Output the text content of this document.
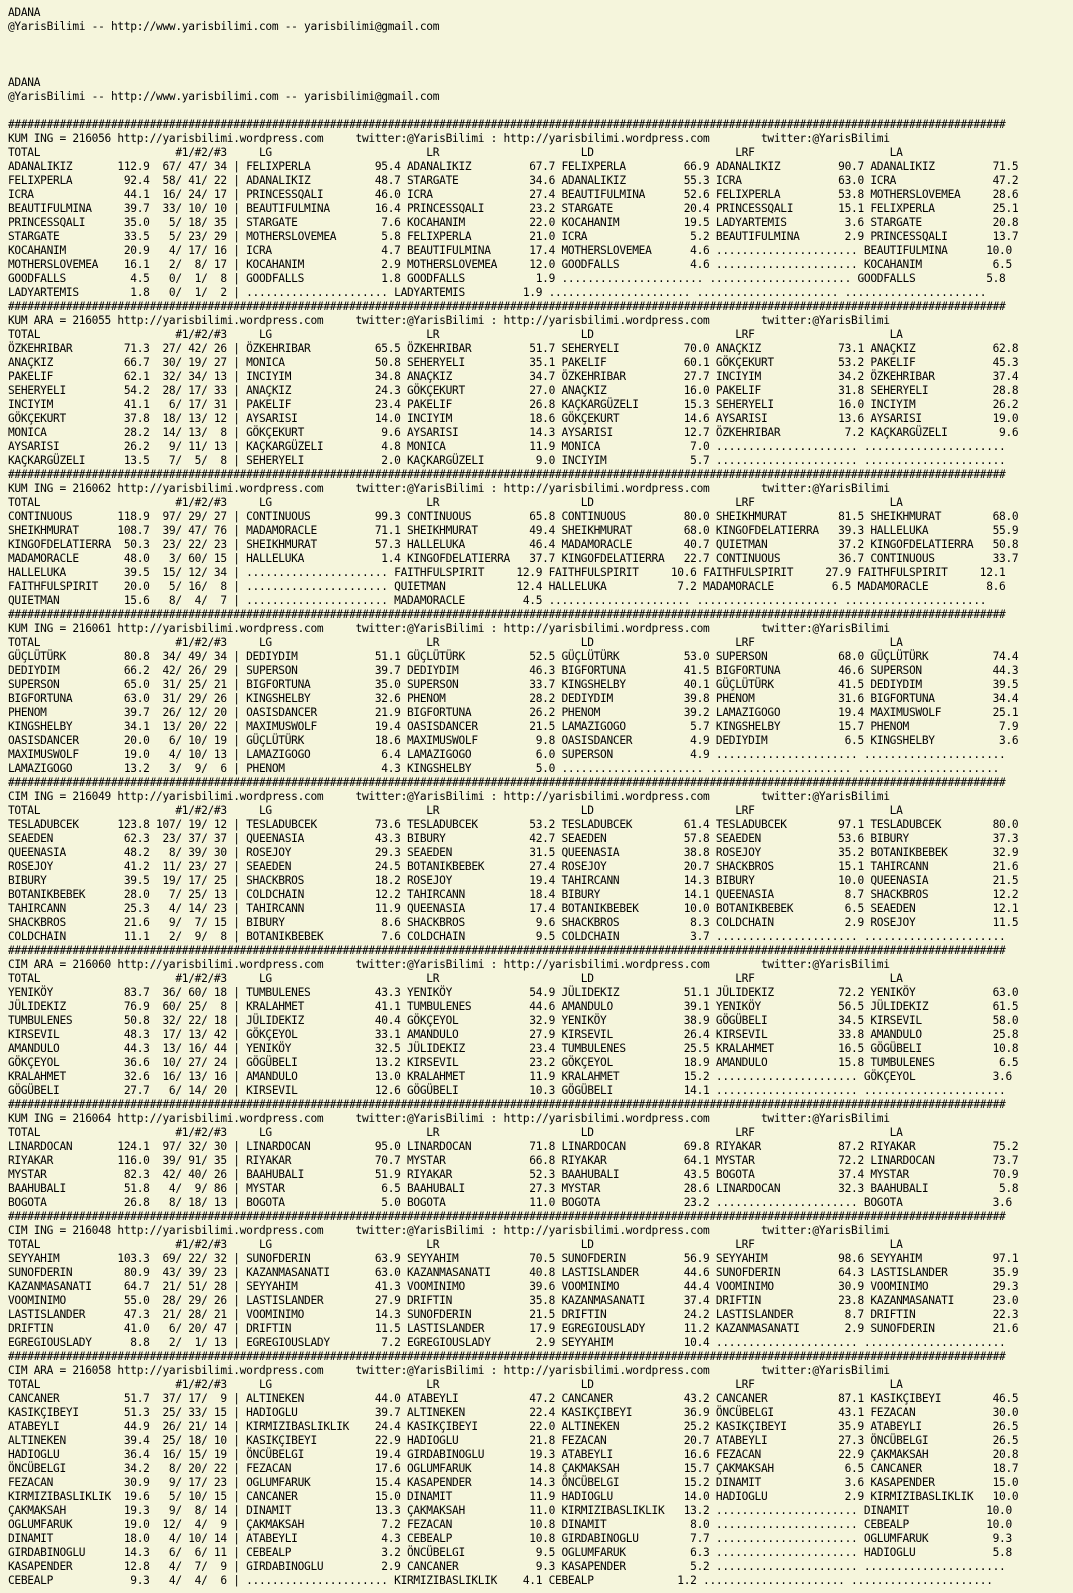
ADANA
@YarisBilimi -- http://www.yarisbilimi.com -- yarisbilimi@gmail.com
ADANA
@YarisBilimi -- http://www.yarisbilimi.com -- yarisbilimi@gmail.com
###########################################################################################################################################################
KUM ING = 216056 http://yarisbilimi.wordpress.com     twitter:@YarisBilimi : http://yarisbilimi.wordpress.com        twitter:@YarisBilimi
TOTAL                     #1/#2/#3     LG                        LR                      LD                      LRF                     LA
ADANALIKIZ       112.9  67/ 47/ 34 | FELIXPERLA          95.4 ADANALIKIZ         67.7 FELIXPERLA         66.9 ADANALIKIZ         90.7 ADANALIKIZ         71.5
FELIXPERLA        92.4  58/ 41/ 22 | ADANALIKIZ          48.7 STARGATE           34.6 ADANALIKIZ         55.3 ICRA               63.0 ICRA               47.2
ICRA              44.1  16/ 24/ 17 | PRINCESSQALI        46.0 ICRA               27.4 BEAUTIFULMINA      52.6 FELIXPERLA         53.8 MOTHERSLOVEMEA     28.6
BEAUTIFULMINA     39.7  33/ 10/ 10 | BEAUTIFULMINA       16.4 PRINCESSQALI       23.2 STARGATE           20.4 PRINCESSQALI       15.1 FELIXPERLA         25.1
PRINCESSQALI      35.0   5/ 18/ 35 | STARGATE             7.6 KOCAHANIM          22.0 KOCAHANIM          19.5 LADYARTEMIS         3.6 STARGATE           20.8
STARGATE          33.5   5/ 23/ 29 | MOTHERSLOVEMEA       5.8 FELIXPERLA         21.0 ICRA                5.2 BEAUTIFULMINA       2.9 PRINCESSQALI       13.7
KOCAHANIM         20.9   4/ 17/ 16 | ICRA                 4.7 BEAUTIFULMINA      17.4 MOTHERSLOVEMEA      4.6 ...................... BEAUTIFULMINA      10.0
MOTHERSLOVEMEA    16.1   2/  8/ 17 | KOCAHANIM            2.9 MOTHERSLOVEMEA     12.0 GOODFALLS           4.6 ...................... KOCAHANIM           6.5
GOODFALLS          4.5   0/  1/  8 | GOODFALLS            1.8 GOODFALLS           1.9 ...................... ...................... GOODFALLS           5.8
LADYARTEMIS        1.8   0/  1/  2 | ...................... LADYARTEMIS         1.9 ...................... ...................... ......................
###########################################################################################################################################################
KUM ARA = 216055 http://yarisbilimi.wordpress.com     twitter:@YarisBilimi : http://yarisbilimi.wordpress.com        twitter:@YarisBilimi
TOTAL                     #1/#2/#3     LG                        LR                      LD                      LRF                     LA
ÖZKEHRIBAR        71.3  27/ 42/ 26 | ÖZKEHRIBAR          65.5 ÖZKEHRIBAR         51.7 SEHERYELI          70.0 ANAÇKIZ            73.1 ANAÇKIZ            62.8
ANAÇKIZ           66.7  30/ 19/ 27 | MONICA              50.8 SEHERYELI          35.1 PAKELIF            60.1 GÖKÇEKURT          53.2 PAKELIF            45.3
PAKELIF           62.1  32/ 34/ 13 | INCIYIM             34.8 ANAÇKIZ            34.7 ÖZKEHRIBAR         27.7 INCIYIM            34.2 ÖZKEHRIBAR         37.4
SEHERYELI         54.2  28/ 17/ 33 | ANAÇKIZ             24.3 GÖKÇEKURT          27.0 ANAÇKIZ            16.0 PAKELIF            31.8 SEHERYELI          28.8
INCIYIM           41.1   6/ 17/ 31 | PAKELIF             23.4 PAKELIF            26.8 KAÇKARGÜZELI       15.3 SEHERYELI          16.0 INCIYIM            26.2
GÖKÇEKURT         37.8  18/ 13/ 12 | AYSARISI            14.0 INCIYIM            18.6 GÖKÇEKURT          14.6 AYSARISI           13.6 AYSARISI           19.0
MONICA            28.2  14/ 13/  8 | GÖKÇEKURT            9.6 AYSARISI           14.3 AYSARISI           12.7 ÖZKEHRIBAR          7.2 KAÇKARGÜZELI        9.6
AYSARISI          26.2   9/ 11/ 13 | KAÇKARGÜZELI         4.8 MONICA             11.9 MONICA              7.0 ...................... ......................
KAÇKARGÜZELI      13.5   7/  5/  8 | SEHERYELI            2.0 KAÇKARGÜZELI        9.0 INCIYIM             5.7 ...................... ......................
###########################################################################################################################################################
KUM ING = 216062 http://yarisbilimi.wordpress.com     twitter:@YarisBilimi : http://yarisbilimi.wordpress.com        twitter:@YarisBilimi
TOTAL                     #1/#2/#3     LG                        LR                      LD                      LRF                     LA
CONTINUOUS       118.9  97/ 29/ 27 | CONTINUOUS          99.3 CONTINUOUS         65.8 CONTINUOUS         80.0 SHEIKHMURAT        81.5 SHEIKHMURAT        68.0
SHEIKHMURAT      108.7  39/ 47/ 76 | MADAMORACLE         71.1 SHEIKHMURAT        49.4 SHEIKHMURAT        68.0 KINGOFDELATIERRA   39.3 HALLELUKA          55.9
KINGOFDELATIERRA  50.3  23/ 22/ 23 | SHEIKHMURAT         57.3 HALLELUKA          46.4 MADAMORACLE        40.7 QUIETMAN           37.2 KINGOFDELATIERRA   50.8
MADAMORACLE       48.0   3/ 60/ 15 | HALLELUKA            1.4 KINGOFDELATIERRA   37.7 KINGOFDELATIERRA   22.7 CONTINUOUS         36.7 CONTINUOUS         33.7
HALLELUKA         39.5  15/ 12/ 34 | ...................... FAITHFULSPIRIT     12.9 FAITHFULSPIRIT     10.6 FAITHFULSPIRIT     27.9 FAITHFULSPIRIT     12.1
FAITHFULSPIRIT    20.0   5/ 16/  8 | ...................... QUIETMAN           12.4 HALLELUKA           7.2 MADAMORACLE         6.5 MADAMORACLE         8.6
QUIETMAN          15.6   8/  4/  7 | ...................... MADAMORACLE         4.5 ...................... ...................... ......................
###########################################################################################################################################################
KUM ING = 216061 http://yarisbilimi.wordpress.com     twitter:@YarisBilimi : http://yarisbilimi.wordpress.com        twitter:@YarisBilimi
TOTAL                     #1/#2/#3     LG                        LR                      LD                      LRF                     LA
GÜÇLÜTÜRK         80.8  34/ 49/ 34 | DEDIYDIM            51.1 GÜÇLÜTÜRK          52.5 GÜÇLÜTÜRK          53.0 SUPERSON           68.0 GÜÇLÜTÜRK          74.4
DEDIYDIM          66.2  42/ 26/ 29 | SUPERSON            39.7 DEDIYDIM           46.3 BIGFORTUNA         41.5 BIGFORTUNA         46.6 SUPERSON           44.3
SUPERSON          65.0  31/ 25/ 21 | BIGFORTUNA          35.0 SUPERSON           33.7 KINGSHELBY         40.1 GÜÇLÜTÜRK          41.5 DEDIYDIM           39.5
BIGFORTUNA        63.0  31/ 29/ 26 | KINGSHELBY          32.6 PHENOM             28.2 DEDIYDIM           39.8 PHENOM             31.6 BIGFORTUNA         34.4
PHENOM            39.7  26/ 12/ 20 | OASISDANCER         21.9 BIGFORTUNA         26.2 PHENOM             39.2 LAMAZIGOGO         19.4 MAXIMUSWOLF        25.1
KINGSHELBY        34.1  13/ 20/ 22 | MAXIMUSWOLF         19.4 OASISDANCER        21.5 LAMAZIGOGO          5.7 KINGSHELBY         15.7 PHENOM              7.9
OASISDANCER       20.0   6/ 10/ 19 | GÜÇLÜTÜRK           18.6 MAXIMUSWOLF         9.8 OASISDANCER         4.9 DEDIYDIM            6.5 KINGSHELBY          3.6
MAXIMUSWOLF       19.0   4/ 10/ 13 | LAMAZIGOGO           6.4 LAMAZIGOGO          6.0 SUPERSON            4.9 ...................... ......................
LAMAZIGOGO        13.2   3/  9/  6 | PHENOM               4.3 KINGSHELBY          5.0 ...................... ...................... ......................
###########################################################################################################################################################
CIM ING = 216049 http://yarisbilimi.wordpress.com     twitter:@YarisBilimi : http://yarisbilimi.wordpress.com        twitter:@YarisBilimi
TOTAL                     #1/#2/#3     LG                        LR                      LD                      LRF                     LA
TESLADUBCEK      123.8 107/ 19/ 12 | TESLADUBCEK         73.6 TESLADUBCEK        53.2 TESLADUBCEK        61.4 TESLADUBCEK        97.1 TESLADUBCEK        80.0
SEAEDEN           62.3  23/ 37/ 37 | QUEENASIA           43.3 BIBURY             42.7 SEAEDEN            57.8 SEAEDEN            53.6 BIBURY             37.3
QUEENASIA         48.2   8/ 39/ 30 | ROSEJOY             29.3 SEAEDEN            31.5 QUEENASIA          38.8 ROSEJOY            35.2 BOTANIKBEBEK       32.9
ROSEJOY           41.2  11/ 23/ 27 | SEAEDEN             24.5 BOTANIKBEBEK       27.4 ROSEJOY            20.7 SHACKBROS          15.1 TAHIRCANN          21.6
BIBURY            39.5  19/ 17/ 25 | SHACKBROS           18.2 ROSEJOY            19.4 TAHIRCANN          14.3 BIBURY             10.0 QUEENASIA          21.5
BOTANIKBEBEK      28.0   7/ 25/ 13 | COLDCHAIN           12.2 TAHIRCANN          18.4 BIBURY             14.1 QUEENASIA           8.7 SHACKBROS          12.2
TAHIRCANN         25.3   4/ 14/ 23 | TAHIRCANN           11.9 QUEENASIA          17.4 BOTANIKBEBEK       10.0 BOTANIKBEBEK        6.5 SEAEDEN            12.1
SHACKBROS         21.6   9/  7/ 15 | BIBURY               8.6 SHACKBROS           9.6 SHACKBROS           8.3 COLDCHAIN           2.9 ROSEJOY            11.5
COLDCHAIN         11.1   2/  9/  8 | BOTANIKBEBEK         7.6 COLDCHAIN           9.5 COLDCHAIN           3.7 ...................... ......................
###########################################################################################################################################################
CIM ARA = 216060 http://yarisbilimi.wordpress.com     twitter:@YarisBilimi : http://yarisbilimi.wordpress.com        twitter:@YarisBilimi
TOTAL                     #1/#2/#3     LG                        LR                      LD                      LRF                     LA
YENIKÖY           83.7  36/ 60/ 18 | TUMBULENES          43.3 YENIKÖY            54.9 JÜLIDEKIZ          51.1 JÜLIDEKIZ          72.2 YENIKÖY            63.0
JÜLIDEKIZ         76.9  60/ 25/  8 | KRALAHMET           41.1 TUMBULENES         44.6 AMANDULO           39.1 YENIKÖY            56.5 JÜLIDEKIZ          61.5
TUMBULENES        50.8  32/ 22/ 18 | JÜLIDEKIZ           40.4 GÖKÇEYOL           32.9 YENIKÖY            38.9 GÖGÜBELI           34.5 KIRSEVIL           58.0
KIRSEVIL          48.3  17/ 13/ 42 | GÖKÇEYOL            33.1 AMANDULO           27.9 KIRSEVIL           26.4 KIRSEVIL           33.8 AMANDULO           25.8
AMANDULO          44.3  13/ 16/ 44 | YENIKÖY             32.5 JÜLIDEKIZ          23.4 TUMBULENES         25.5 KRALAHMET          16.5 GÖGÜBELI           10.8
GÖKÇEYOL          36.6  10/ 27/ 24 | GÖGÜBELI            13.2 KIRSEVIL           23.2 GÖKÇEYOL           18.9 AMANDULO           15.8 TUMBULENES          6.5
KRALAHMET         32.6  16/ 13/ 16 | AMANDULO            13.0 KRALAHMET          11.9 KRALAHMET          15.2 ...................... GÖKÇEYOL            3.6
GÖGÜBELI          27.7   6/ 14/ 20 | KIRSEVIL            12.6 GÖGÜBELI           10.3 GÖGÜBELI           14.1 ...................... ......................
###########################################################################################################################################################
KUM ING = 216064 http://yarisbilimi.wordpress.com     twitter:@YarisBilimi : http://yarisbilimi.wordpress.com        twitter:@YarisBilimi
TOTAL                     #1/#2/#3     LG                        LR                      LD                      LRF                     LA
LINARDOCAN       124.1  97/ 32/ 30 | LINARDOCAN          95.0 LINARDOCAN         71.8 LINARDOCAN         69.8 RIYAKAR            87.2 RIYAKAR            75.2
RIYAKAR          116.0  39/ 91/ 35 | RIYAKAR             70.7 MYSTAR             66.8 RIYAKAR            64.1 MYSTAR             72.2 LINARDOCAN         73.7
MYSTAR            82.3  42/ 40/ 26 | BAAHUBALI           51.9 RIYAKAR            52.3 BAAHUBALI          43.5 BOGOTA             37.4 MYSTAR             70.9
BAAHUBALI         51.8   4/  9/ 86 | MYSTAR               6.5 BAAHUBALI          27.3 MYSTAR             28.6 LINARDOCAN         32.3 BAAHUBALI           5.8
BOGOTA            26.8   8/ 18/ 13 | BOGOTA               5.0 BOGOTA             11.0 BOGOTA             23.2 ...................... BOGOTA              3.6
###########################################################################################################################################################
CIM ING = 216048 http://yarisbilimi.wordpress.com     twitter:@YarisBilimi : http://yarisbilimi.wordpress.com        twitter:@YarisBilimi
TOTAL                     #1/#2/#3     LG                        LR                      LD                      LRF                     LA
SEYYAHIM         103.3  69/ 22/ 32 | SUNOFDERIN          63.9 SEYYAHIM           70.5 SUNOFDERIN         56.9 SEYYAHIM           98.6 SEYYAHIM           97.1
SUNOFDERIN        80.9  43/ 39/ 23 | KAZANMASANATI       63.0 KAZANMASANATI      40.8 LASTISLANDER       44.6 SUNOFDERIN         64.3 LASTISLANDER       35.9
KAZANMASANATI     64.7  21/ 51/ 28 | SEYYAHIM            41.3 VOOMINIMO          39.6 VOOMINIMO          44.4 VOOMINIMO          30.9 VOOMINIMO          29.3
VOOMINIMO         55.0  28/ 29/ 26 | LASTISLANDER        27.9 DRIFTIN            35.8 KAZANMASANATI      37.4 DRIFTIN            23.8 KAZANMASANATI      23.0
LASTISLANDER      47.3  21/ 28/ 21 | VOOMINIMO           14.3 SUNOFDERIN         21.5 DRIFTIN            24.2 LASTISLANDER        8.7 DRIFTIN            22.3
DRIFTIN           41.0   6/ 20/ 47 | DRIFTIN             11.5 LASTISLANDER       17.9 EGREGIOUSLADY      11.2 KAZANMASANATI       2.9 SUNOFDERIN         21.6
EGREGIOUSLADY      8.8   2/  1/ 13 | EGREGIOUSLADY        7.2 EGREGIOUSLADY       2.9 SEYYAHIM           10.4 ...................... ......................
###########################################################################################################################################################
CIM ARA = 216058 http://yarisbilimi.wordpress.com     twitter:@YarisBilimi : http://yarisbilimi.wordpress.com        twitter:@YarisBilimi
TOTAL                     #1/#2/#3     LG                        LR                      LD                      LRF                     LA
CANCANER          51.7  37/ 17/  9 | ALTINEKEN           44.0 ATABEYLI           47.2 CANCANER           43.2 CANCANER           87.1 KASIKÇIBEYI        46.5
KASIKÇIBEYI       51.3  25/ 33/ 15 | HADIOGLU            39.7 ALTINEKEN          22.4 KASIKÇIBEYI        36.9 ÖNCÜBELGI          43.1 FEZACAN            30.0
ATABEYLI          44.9  26/ 21/ 14 | KIRMIZIBASLIKLIK    24.4 KASIKÇIBEYI        22.0 ALTINEKEN          25.2 KASIKÇIBEYI        35.9 ATABEYLI           26.5
ALTINEKEN         39.4  25/ 18/ 10 | KASIKÇIBEYI         22.9 HADIOGLU           21.8 FEZACAN            20.7 ATABEYLI           27.3 ÖNCÜBELGI          26.5
HADIOGLU          36.4  16/ 15/ 19 | ÖNCÜBELGI           19.4 GIRDABINOGLU       19.3 ATABEYLI           16.6 FEZACAN            22.9 ÇAKMAKSAH          20.8
ÖNCÜBELGI         34.2   8/ 20/ 22 | FEZACAN             17.6 OGLUMFARUK         14.8 ÇAKMAKSAH          15.7 ÇAKMAKSAH           6.5 CANCANER           18.7
FEZACAN           30.9   9/ 17/ 23 | OGLUMFARUK          15.4 KASAPENDER         14.3 ÖNCÜBELGI          15.2 DINAMIT             3.6 KASAPENDER         15.0
KIRMIZIBASLIKLIK  19.6   5/ 10/ 15 | CANCANER            15.0 DINAMIT            11.9 HADIOGLU           14.0 HADIOGLU            2.9 KIRMIZIBASLIKLIK   10.0
ÇAKMAKSAH         19.3   9/  8/ 14 | DINAMIT             13.3 ÇAKMAKSAH          11.0 KIRMIZIBASLIKLIK   13.2 ...................... DINAMIT            10.0
OGLUMFARUK        19.0  12/  4/  9 | ÇAKMAKSAH            7.2 FEZACAN            10.8 DINAMIT             8.0 ...................... CEBEALP            10.0
DINAMIT           18.0   4/ 10/ 14 | ATABEYLI             4.3 CEBEALP            10.8 GIRDABINOGLU        7.7 ...................... OGLUMFARUK          9.3
GIRDABINOGLU      14.3   6/  6/ 11 | CEBEALP              3.2 ÖNCÜBELGI           9.5 OGLUMFARUK          6.3 ...................... HADIOGLU            5.8
KASAPENDER        12.8   4/  7/  9 | GIRDABINOGLU         2.9 CANCANER            9.3 KASAPENDER          5.2 ...................... ......................
CEBEALP            9.3   4/  4/  6 | ...................... KIRMIZIBASLIKLIK    4.1 CEBEALP             1.2 ...................... ......................
